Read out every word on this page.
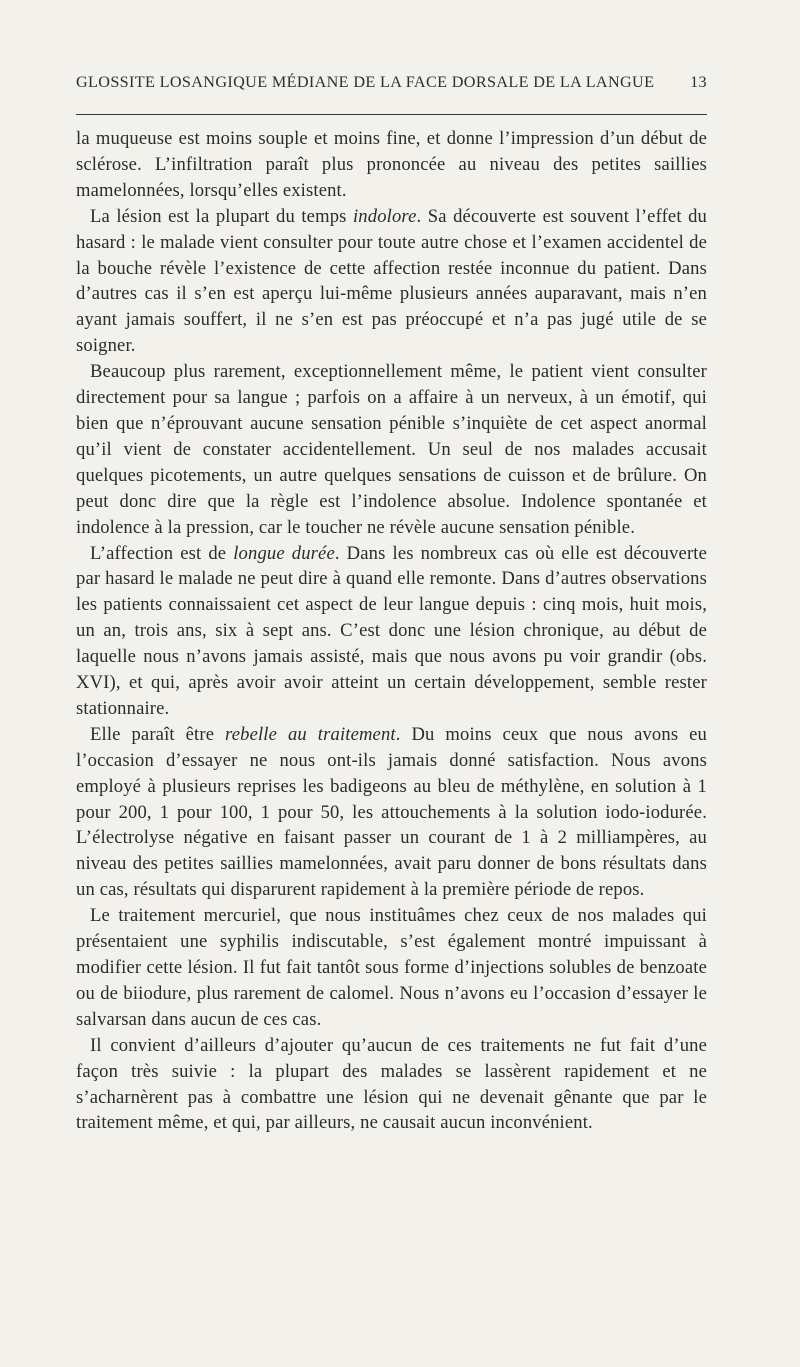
GLOSSITE LOSANGIQUE MÉDIANE DE LA FACE DORSALE DE LA LANGUE 13

la muqueuse est moins souple et moins fine, et donne l’impression d’un début de sclérose. L’infiltration paraît plus prononcée au niveau des petites saillies mamelonnées, lorsqu’elles existent.

La lésion est la plupart du temps indolore. Sa découverte est souvent l’effet du hasard : le malade vient consulter pour toute autre chose et l’examen accidentel de la bouche révèle l’existence de cette affection restée inconnue du patient. Dans d’autres cas il s’en est aperçu lui-même plusieurs années auparavant, mais n’en ayant jamais souffert, il ne s’en est pas préoccupé et n’a pas jugé utile de se soigner.

Beaucoup plus rarement, exceptionnellement même, le patient vient consulter directement pour sa langue ; parfois on a affaire à un nerveux, à un émotif, qui bien que n’éprouvant aucune sensation pénible s’inquiète de cet aspect anormal qu’il vient de constater accidentellement. Un seul de nos malades accusait quelques picotements, un autre quelques sensations de cuisson et de brûlure. On peut donc dire que la règle est l’indolence absolue. Indolence spontanée et indolence à la pression, car le toucher ne révèle aucune sensation pénible.

L’affection est de longue durée. Dans les nombreux cas où elle est découverte par hasard le malade ne peut dire à quand elle remonte. Dans d’autres observations les patients connaissaient cet aspect de leur langue depuis : cinq mois, huit mois, un an, trois ans, six à sept ans. C’est donc une lésion chronique, au début de laquelle nous n’avons jamais assisté, mais que nous avons pu voir grandir (obs. XVI), et qui, après avoir avoir atteint un certain développement, semble rester stationnaire.

Elle paraît être rebelle au traitement. Du moins ceux que nous avons eu l’occasion d’essayer ne nous ont-ils jamais donné satisfaction. Nous avons employé à plusieurs reprises les badigeons au bleu de méthylène, en solution à 1 pour 200, 1 pour 100, 1 pour 50, les attouchements à la solution iodo-iodurée. L’électrolyse négative en faisant passer un courant de 1 à 2 milliampères, au niveau des petites saillies mamelonnées, avait paru donner de bons résultats dans un cas, résultats qui disparurent rapidement à la première période de repos.

Le traitement mercuriel, que nous instituâmes chez ceux de nos malades qui présentaient une syphilis indiscutable, s’est également montré impuissant à modifier cette lésion. Il fut fait tantôt sous forme d’injections solubles de benzoate ou de biiodure, plus rarement de calomel. Nous n’avons eu l’occasion d’essayer le salvarsan dans aucun de ces cas.

Il convient d’ailleurs d’ajouter qu’aucun de ces traitements ne fut fait d’une façon très suivie : la plupart des malades se lassèrent rapidement et ne s’acharnèrent pas à combattre une lésion qui ne devenait gênante que par le traitement même, et qui, par ailleurs, ne causait aucun inconvénient.
